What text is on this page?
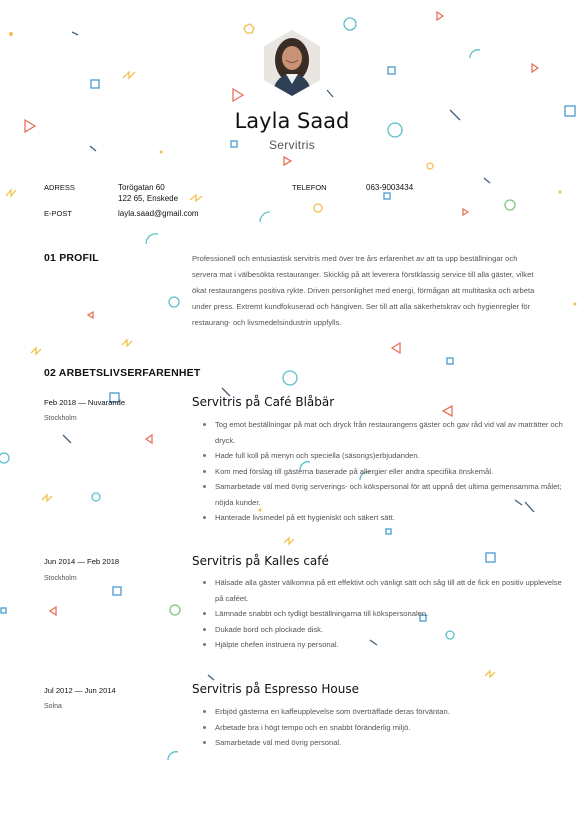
Layla Saad
Servitris
ADRESS	Torögatan 60
122 65, Enskede
TELEFON	063-9003434
E-POST	layla.saad@gmail.com
01 PROFIL	Professionell och entusiastisk servitris med över tre års erfarenhet av att ta upp beställningar och servera mat i välbesökta restauranger. Skicklig på att leverera förstklassig service till alla gäster, vilket ökat restaurangens positiva rykte. Driven personlighet med energi, förmågan att multitaska och arbeta under press. Extremt kundfokuserad och hängiven. Ser till att alla säkerhetskrav och hygienregler för restaurang- och livsmedelsindustrin uppfylls.
02 ARBETSLIVSERFARENHET
Feb 2018 — Nuvarande
Stockholm
Servitris på Café Blåbär
Tog emot beställningar på mat och dryck från restaurangens gäster och gav råd vid val av maträtter och dryck.
Hade full koll på menyn och speciella (säsongs)erbjudanden.
Kom med förslag till gästerna baserade på allergier eller andra specifika önskemål.
Samarbetade väl med övrig serverings- och kökspersonal för att uppnå det ultima gemensamma målet; nöjda kunder.
Hanterade livsmedel på ett hygieniskt och säkert sätt.
Jun 2014 — Feb 2018
Stockholm
Servitris på Kalles café
Hälsade alla gäster välkomna på ett effektivt och vänligt sätt och såg till att de fick en positiv upplevelse på caféet.
Lämnade snabbt och tydligt beställningarna till kökspersonalen.
Dukade bord och plockade disk.
Hjälpte chefen instruera ny personal.
Jul 2012 — Jun 2014
Solna
Servitris på Espresso House
Erbjöd gästerna en kaffeupplevelse som överträffade deras förväntan.
Arbetade bra i högt tempo och en snabbt föränderlig miljö.
Samarbetade väl med övrig personal.
